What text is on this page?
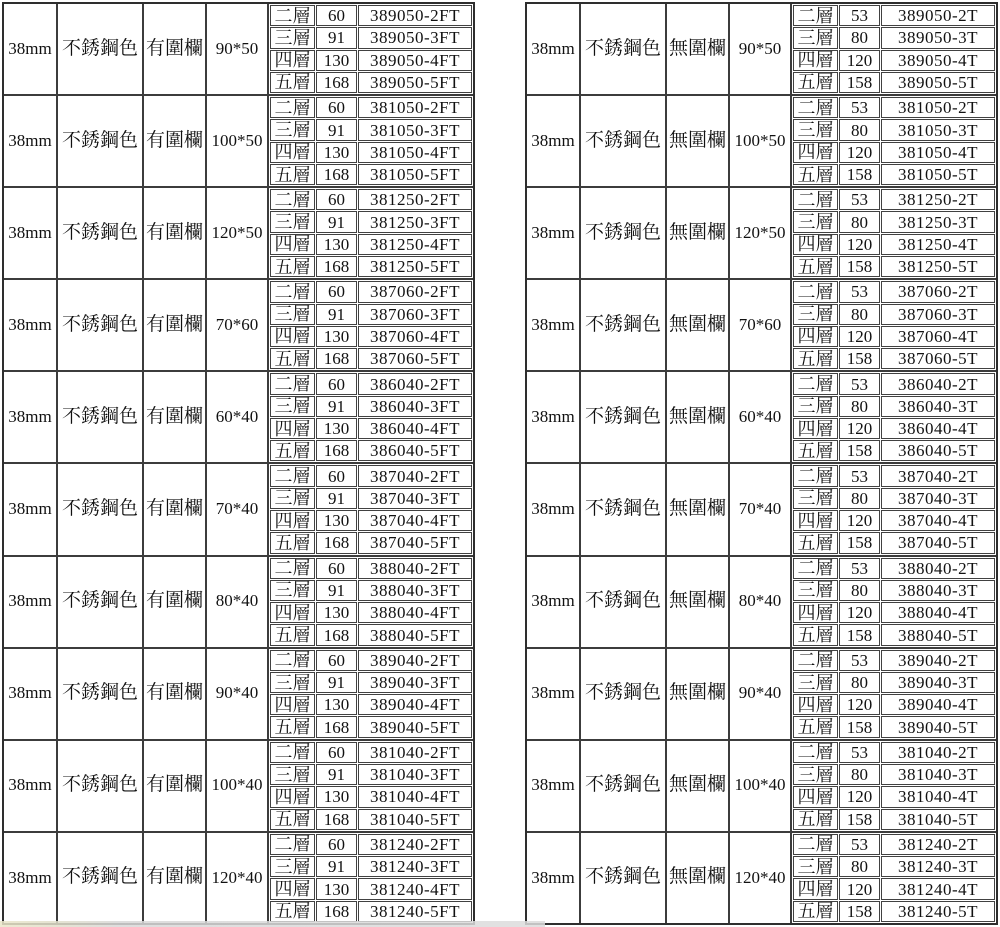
38mm 不銹鋼色 有圍欄 90*50
二層	60	389050-2FT
三層	91	389050-3FT
四層 130	389050-4FT
五層 168	389050-5FT
38mm 不銹鋼色 有圍欄 100*50
二層	60	381050-2FT
三層	91	381050-3FT
四層 130	381050-4FT
五層 168	381050-5FT
38mm 不銹鋼色 有圍欄 120*50
二層	60	381250-2FT
三層	91	381250-3FT
四層 130	381250-4FT
五層 168	381250-5FT
38mm 不銹鋼色 有圍欄 70*60
二層	60	387060-2FT
三層	91	387060-3FT
四層 130	387060-4FT
五層 168	387060-5FT
38mm 不銹鋼色 有圍欄 60*40
二層	60	386040-2FT
三層	91	386040-3FT
四層 130	386040-4FT
五層 168	386040-5FT
38mm 不銹鋼色 有圍欄 70*40
二層	60	387040-2FT
三層	91	387040-3FT
四層 130	387040-4FT
五層 168	387040-5FT
38mm 不銹鋼色 有圍欄 80*40
二層	60	388040-2FT
三層	91	388040-3FT
四層 130	388040-4FT
五層 168	388040-5FT
38mm 不銹鋼色 有圍欄 90*40
二層	60	389040-2FT
三層	91	389040-3FT
四層 130	389040-4FT
五層 168	389040-5FT
38mm 不銹鋼色 有圍欄 100*40
二層	60	381040-2FT
三層	91	381040-3FT
四層 130	381040-4FT
五層 168	381040-5FT
38mm 不銹鋼色 有圍欄 120*40
二層	60	381240-2FT
三層	91	381240-3FT
四層 130	381240-4FT
五層 168	381240-5FT
38mm 不銹鋼色 無圍欄 90*50
二層	53	389050-2T
三層	80	389050-3T
四層 120	389050-4T
五層 158	389050-5T
38mm 不銹鋼色 無圍欄 100*50
二層	53	381050-2T
三層	80	381050-3T
四層 120	381050-4T
五層 158	381050-5T
38mm 不銹鋼色 無圍欄 120*50
二層	53	381250-2T
三層	80	381250-3T
四層 120	381250-4T
五層 158	381250-5T
38mm 不銹鋼色 無圍欄 70*60
二層	53	387060-2T
三層	80	387060-3T
四層 120	387060-4T
五層 158	387060-5T
38mm 不銹鋼色 無圍欄 60*40
二層	53	386040-2T
三層	80	386040-3T
四層 120	386040-4T
五層 158	386040-5T
38mm 不銹鋼色 無圍欄 70*40
二層	53	387040-2T
三層	80	387040-3T
四層 120	387040-4T
五層 158	387040-5T
38mm 不銹鋼色 無圍欄 80*40
二層	53	388040-2T
三層	80	388040-3T
四層 120	388040-4T
五層 158	388040-5T
38mm 不銹鋼色 無圍欄 90*40
二層	53	389040-2T
三層	80	389040-3T
四層 120	389040-4T
五層 158	389040-5T
38mm 不銹鋼色 無圍欄 100*40
二層	53	381040-2T
三層	80	381040-3T
四層 120	381040-4T
五層 158	381040-5T
38mm 不銹鋼色 無圍欄 120*40
二層	53	381240-2T
三層	80	381240-3T
四層 120	381240-4T
五層 158	381240-5T
